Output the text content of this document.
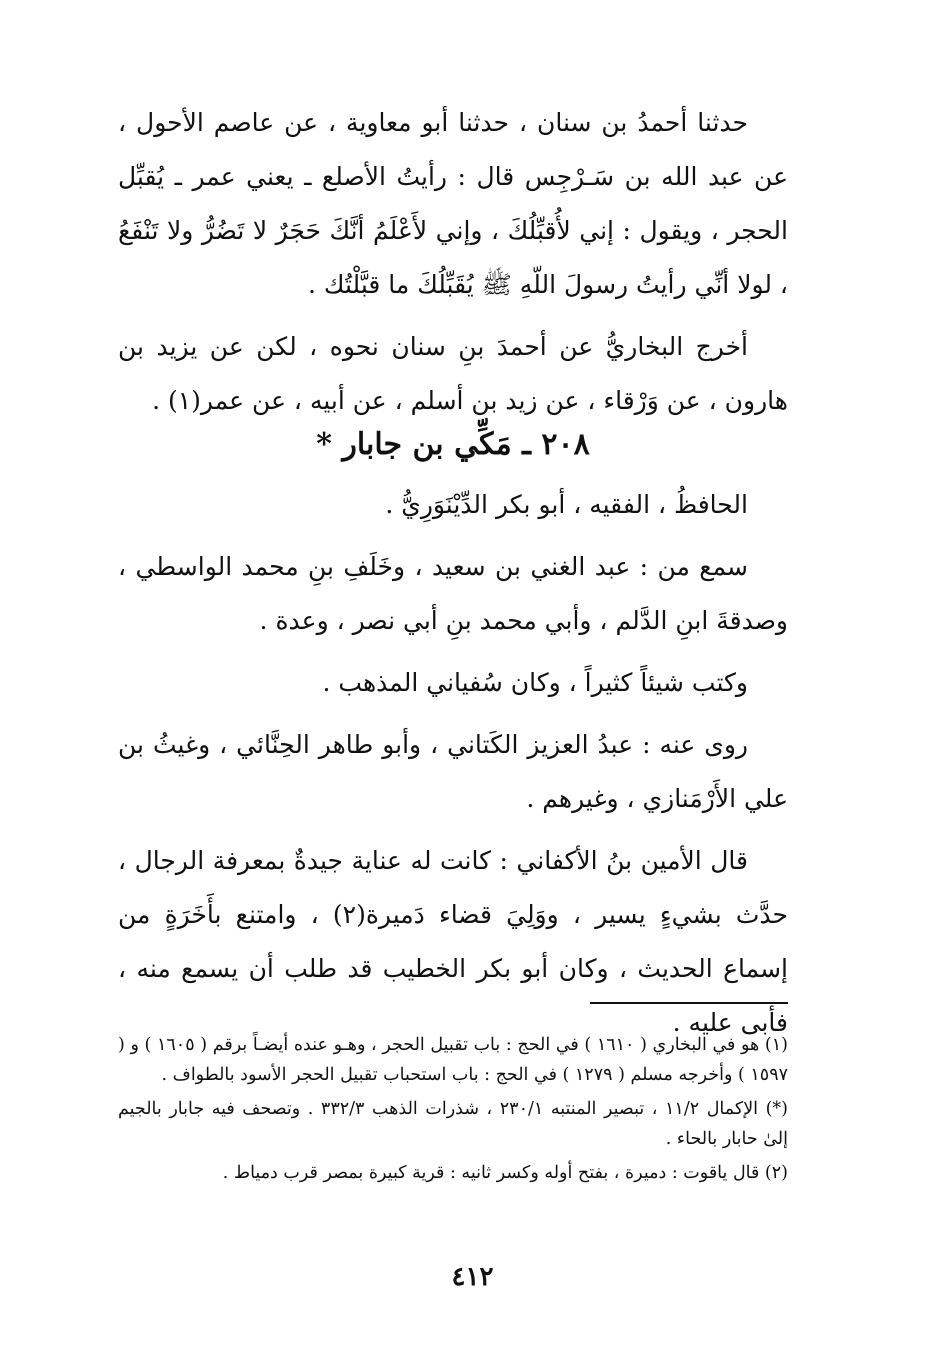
حدثنا أحمدُ بن سنان ، حدثنا أبو معاوية ، عن عاصم الأحول ، عن عبد الله بن سَـرْجِس قال : رأيتُ الأصلع ـ يعني عمر ـ يُقبِّل الحجر ، ويقول : إني لأُقبِّلُكَ ، وإني لأَعْلَمُ أنَّكَ حَجَرٌ لا تَضُرُّ ولا تَنْفَعُ ، لولا أنِّي رأيتُ رسولَ اللّهِ ﷺ يُقَبِّلُكَ ما قبَّلْتُك .

أخرج البخاريُّ عن أحمدَ بنِ سنان نحوه ، لكن عن يزيد بن هارون ، عن وَرْقاء ، عن زيد بن أسلم ، عن أبيه ، عن عمر(١) .

٢٠٨ ـ مَكِّي بن جابار *

الحافظُ ، الفقيه ، أبو بكر الدِّيْنَوَرِيُّ .

سمع من : عبد الغني بن سعيد ، وخَلَفِ بنِ محمد الواسطي ، وصدقةَ ابنِ الدَّلم ، وأبي محمد بنِ أبي نصر ، وعدة .

وكتب شيئاً كثيراً ، وكان سُفياني المذهب .

روى عنه : عبدُ العزيز الكَتاني ، وأبو طاهر الحِنَّائي ، وغيثُ بن علي الأَرْمَنازي ، وغيرهم .

قال الأمين بنُ الأكفاني : كانت له عناية جيدةٌ بمعرفة الرجال ، حدَّث بشيءٍ يسير ، ووَلِيَ قضاء دَميرة(٢) ، وامتنع بأَخَرَةٍ من إسماع الحديث ، وكان أبو بكر الخطيب قد طلب أن يسمع منه ، فأبى عليه .

(١) هو في البخاري ( ١٦١٠ ) في الحج : باب تقبيل الحجر ، وهـو عنده أيضـاً برقم ( ١٦٠٥ ) و ( ١٥٩٧ ) وأخرجه مسلم ( ١٢٧٩ ) في الحج : باب استحباب تقبيل الحجر الأسود بالطواف .

(*) الإكمال ١١/٢ ، تبصير المنتبه ٢٣٠/١ ، شذرات الذهب ٣٣٢/٣ . وتصحف فيه جابار بالجيم إلىٰ حابار بالحاء .

(٢) قال ياقوت : دميرة ، بفتح أوله وكسر ثانيه : قرية كبيرة بمصر قرب دمياط .

٤١٢
